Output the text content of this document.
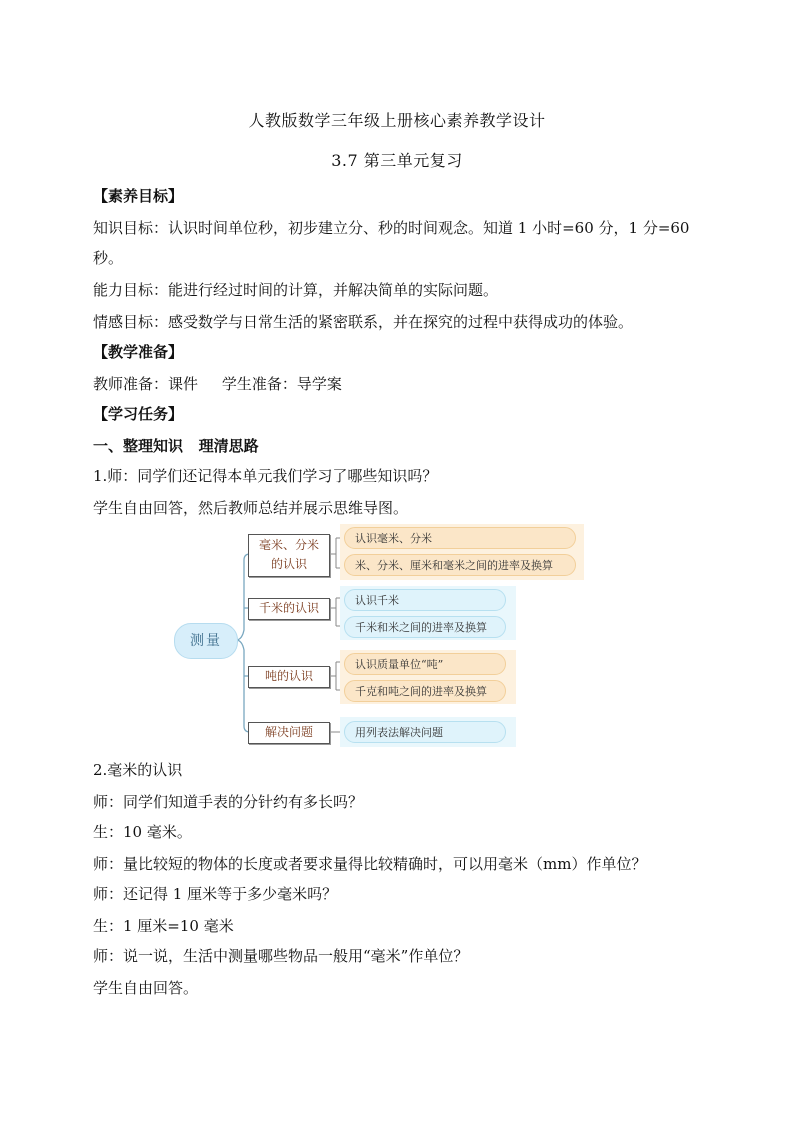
人教版数学三年级上册核心素养教学设计
3.7 第三单元复习
【素养目标】
知识目标：认识时间单位秒，初步建立分、秒的时间观念。知道 1 小时=60 分，1 分=60
秒。
能力目标：能进行经过时间的计算，并解决简单的实际问题。
情感目标：感受数学与日常生活的紧密联系，并在探究的过程中获得成功的体验。
【教学准备】
教师准备：课件     学生准备：导学案
【学习任务】
一、整理知识   理清思路
1.师：同学们还记得本单元我们学习了哪些知识吗？
学生自由回答，然后教师总结并展示思维导图。
测量
毫米、分米
的认识
认识毫米、分米
米、分米、厘米和毫米之间的进率及换算
千米的认识
认识千米
千米和米之间的进率及换算
吨的认识
认识质量单位“吨”
千克和吨之间的进率及换算
解决问题	用列表法解决问题
2.毫米的认识
师：同学们知道手表的分针约有多长吗？
生：10 毫米。
师：量比较短的物体的长度或者要求量得比较精确时，可以用毫米（mm）作单位？
师：还记得 1 厘米等于多少毫米吗？
生：1 厘米=10 毫米
师：说一说，生活中测量哪些物品一般用“毫米”作单位？
学生自由回答。
